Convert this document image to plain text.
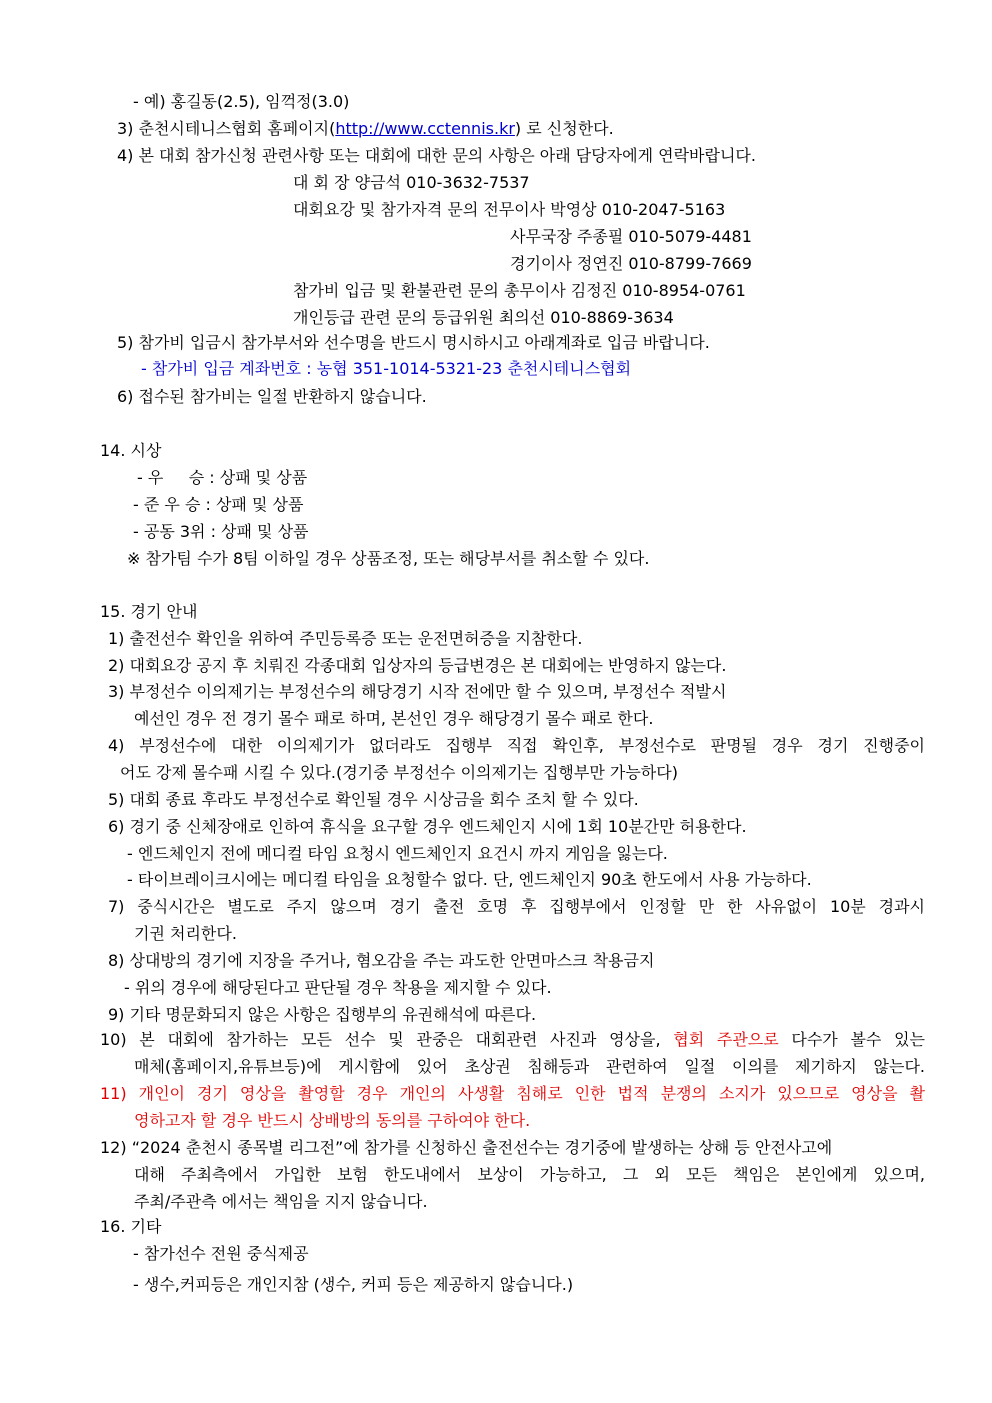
- 예) 홍길동(2.5), 임꺽정(3.0)
3) 춘천시테니스협회 홈페이지(http://www.cctennis.kr) 로 신청한다.
4) 본 대회 참가신청 관련사항 또는 대회에 대한 문의 사항은 아래 담당자에게 연락바랍니다.
대 회 장 양금석 010-3632-7537
대회요강 및 참가자격 문의 전무이사 박영상 010-2047-5163
사무국장 주종필 010-5079-4481
경기이사 정연진 010-8799-7669
참가비 입금 및 환불관련 문의 총무이사 김정진 010-8954-0761
개인등급 관련 문의 등급위원 최의선 010-8869-3634
5) 참가비 입금시 참가부서와 선수명을 반드시 명시하시고 아래계좌로 입금 바랍니다.
- 참가비 입금 계좌번호 : 농협 351-1014-5321-23 춘천시테니스협회
6) 접수된 참가비는 일절 반환하지 않습니다.
14. 시상
- 우     승 : 상패 및 상품
- 준 우 승 : 상패 및 상품
- 공동 3위 : 상패 및 상품
※ 참가팀 수가 8팀 이하일 경우 상품조정, 또는 해당부서를 취소할 수 있다.
15. 경기 안내
1) 출전선수 확인을 위하여 주민등록증 또는 운전면허증을 지참한다.
2) 대회요강 공지 후 치뤄진 각종대회 입상자의 등급변경은 본 대회에는 반영하지 않는다.
3) 부정선수 이의제기는 부정선수의 해당경기 시작 전에만 할 수 있으며, 부정선수 적발시
예선인 경우 전 경기 몰수 패로 하며, 본선인 경우 해당경기 몰수 패로 한다.
4) 부정선수에 대한 이의제기가 없더라도 집행부 직접 확인후, 부정선수로 판명될 경우 경기 진행중이
어도 강제 몰수패 시킬 수 있다.(경기중 부정선수 이의제기는 집행부만 가능하다)
5) 대회 종료 후라도 부정선수로 확인될 경우 시상금을 회수 조치 할 수 있다.
6) 경기 중 신체장애로 인하여 휴식을 요구할 경우 엔드체인지 시에 1회 10분간만 허용한다.
- 엔드체인지 전에 메디컬 타임 요청시 엔드체인지 요건시 까지 게임을 잃는다.
- 타이브레이크시에는 메디컬 타임을 요청할수 없다. 단, 엔드체인지 90초 한도에서 사용 가능하다.
7) 중식시간은 별도로 주지 않으며 경기 출전 호명 후 집행부에서 인정할 만 한 사유없이 10분 경과시
기권 처리한다.
8) 상대방의 경기에 지장을 주거나, 혐오감을 주는 과도한 안면마스크 착용금지
- 위의 경우에 해당된다고 판단될 경우 착용을 제지할 수 있다.
9) 기타 명문화되지 않은 사항은 집행부의 유권해석에 따른다.
10) 본 대회에 참가하는 모든 선수 및 관중은 대회관련 사진과 영상을, 협회 주관으로 다수가 볼수 있는
매체(홈페이지,유튜브등)에 게시함에 있어 초상권 침해등과 관련하여 일절 이의를 제기하지 않는다.
11) 개인이 경기 영상을 촬영할 경우 개인의 사생활 침해로 인한 법적 분쟁의 소지가 있으므로 영상을 촬
영하고자 할 경우 반드시 상배방의 동의를 구하여야 한다.
12) “2024 춘천시 종목별 리그전”에 참가를 신청하신 출전선수는 경기중에 발생하는 상해 등 안전사고에
대해 주최측에서 가입한 보험 한도내에서 보상이 가능하고, 그 외 모든 책임은 본인에게 있으며,
주최/주관측 에서는 책임을 지지 않습니다.
16. 기타
- 참가선수 전원 중식제공
- 생수,커피등은 개인지참 (생수, 커피 등은 제공하지 않습니다.)
